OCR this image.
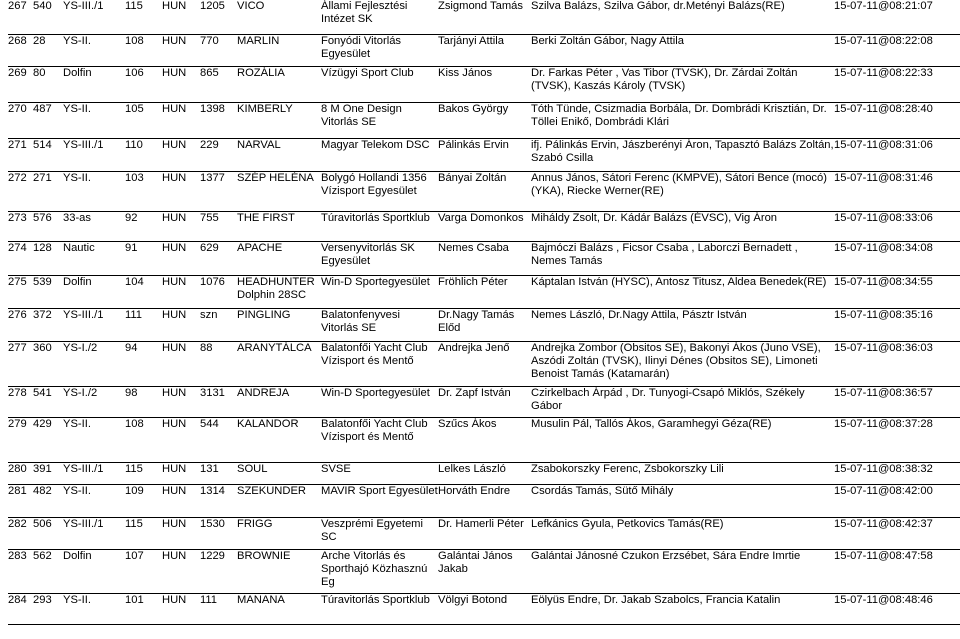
267	540	YS-III./1	115	HUN	1205	VICO	Állami Fejlesztési Intézet SK	Zsigmond Tamás	Szilva Balázs, Szilva Gábor, dr.Metényi Balázs(RE)	15-07-11@08:21:07
268	28	YS-II.	108	HUN	770	MARLIN	Fonyódi Vitorlás Egyesület	Tarjányi Attila	Berki Zoltán Gábor, Nagy Attila	15-07-11@08:22:08
269	80	Dolfin	106	HUN	865	ROZÁLIA	Vízügyi Sport Club	Kiss János	Dr. Farkas Péter , Vas Tibor (TVSK), Dr. Zárdai Zoltán (TVSK), Kaszás Károly (TVSK)	15-07-11@08:22:33
270	487	YS-II.	105	HUN	1398	KIMBERLY	8 M One Design Vitorlás SE	Bakos György	Tóth Tünde, Csizmadia Borbála, Dr. Dombrádi Krisztián, Dr. Töllei Enikő, Dombrádi Klári	15-07-11@08:28:40
271	514	YS-III./1	110	HUN	229	NARVAL	Magyar Telekom DSC	Pálinkás Ervin	ifj. Pálinkás Ervin, Jászberényi Áron, Tapasztó Balázs Zoltán, Szabó Csilla	15-07-11@08:31:06
272	271	YS-II.	103	HUN	1377	SZÉP HELÉNA	Bolygó Hollandi 1356 Vízisport Egyesület	Bányai Zoltán	Annus János, Sátori Ferenc (KMPVE), Sátori Bence (mocó) (YKA), Riecke Werner(RE)	15-07-11@08:31:46
273	576	33-as	92	HUN	755	THE FIRST	Túravitorlás Sportklub	Varga Domonkos	Miháldy Zsolt, Dr. Kádár Balázs (ÉVSC), Vig Áron	15-07-11@08:33:06
274	128	Nautic	91	HUN	629	APACHE	Versenyvitorlás SK Egyesület	Nemes Csaba	Bajmóczi Balázs , Ficsor Csaba , Laborczi Bernadett , Nemes Tamás	15-07-11@08:34:08
275	539	Dolfin	104	HUN	1076	HEADHUNTER Dolphin 28SC	Win-D Sportegyesület	Fröhlich Péter	Káptalan István (HYSC), Antosz Titusz, Aldea Benedek(RE)	15-07-11@08:34:55
276	372	YS-III./1	111	HUN	szn	PINGLING	Balatonfenyvesi Vitorlás SE	Dr.Nagy Tamás Előd	Nemes László, Dr.Nagy Attila, Pásztr István	15-07-11@08:35:16
277	360	YS-I./2	94	HUN	88	ARANYTÁLCA	Balatonfői Yacht Club Vízisport és Mentő	Andrejka Jenő	Andrejka Zombor (Obsitos SE), Bakonyi Ákos (Juno VSE), Aszódi Zoltán (TVSK), Ilinyi Dénes (Obsitos SE), Limoneti Benoist Tamás (Katamarán)	15-07-11@08:36:03
278	541	YS-I./2	98	HUN	3131	ANDREJA	Win-D Sportegyesület	Dr. Zapf István	Czirkelbach Árpád , Dr. Tunyogi-Csapó Miklós, Székely Gábor	15-07-11@08:36:57
279	429	YS-II.	108	HUN	544	KALANDOR	Balatonfői Yacht Club Vízisport és Mentő	Szűcs Ákos	Musulin Pál, Tallós Ákos, Garamhegyi Géza(RE)	15-07-11@08:37:28
280	391	YS-III./1	115	HUN	131	SOUL	SVSE	Lelkes László	Zsabokorszky Ferenc, Zsbokorszky Lili	15-07-11@08:38:32
281	482	YS-II.	109	HUN	1314	SZEKUNDER	MAVIR Sport Egyesület	Horváth Endre	Csordás Tamás, Sütő Mihály	15-07-11@08:42:00
282	506	YS-III./1	115	HUN	1530	FRIGG	Veszprémi Egyetemi SC	Dr. Hamerli Péter	Lefkánics Gyula, Petkovics Tamás(RE)	15-07-11@08:42:37
283	562	Dolfin	107	HUN	1229	BROWNIE	Arche Vitorlás és Sporthajó Közhasznú Eg	Galántai János Jakab	Galántai Jánosné Czukon Erzsébet, Sára Endre Imrtie	15-07-11@08:47:58
284	293	YS-II.	101	HUN	111	MANANA	Túravitorlás Sportklub	Völgyi Botond	Eölyüs Endre, Dr. Jakab Szabolcs, Francia Katalin	15-07-11@08:48:46
